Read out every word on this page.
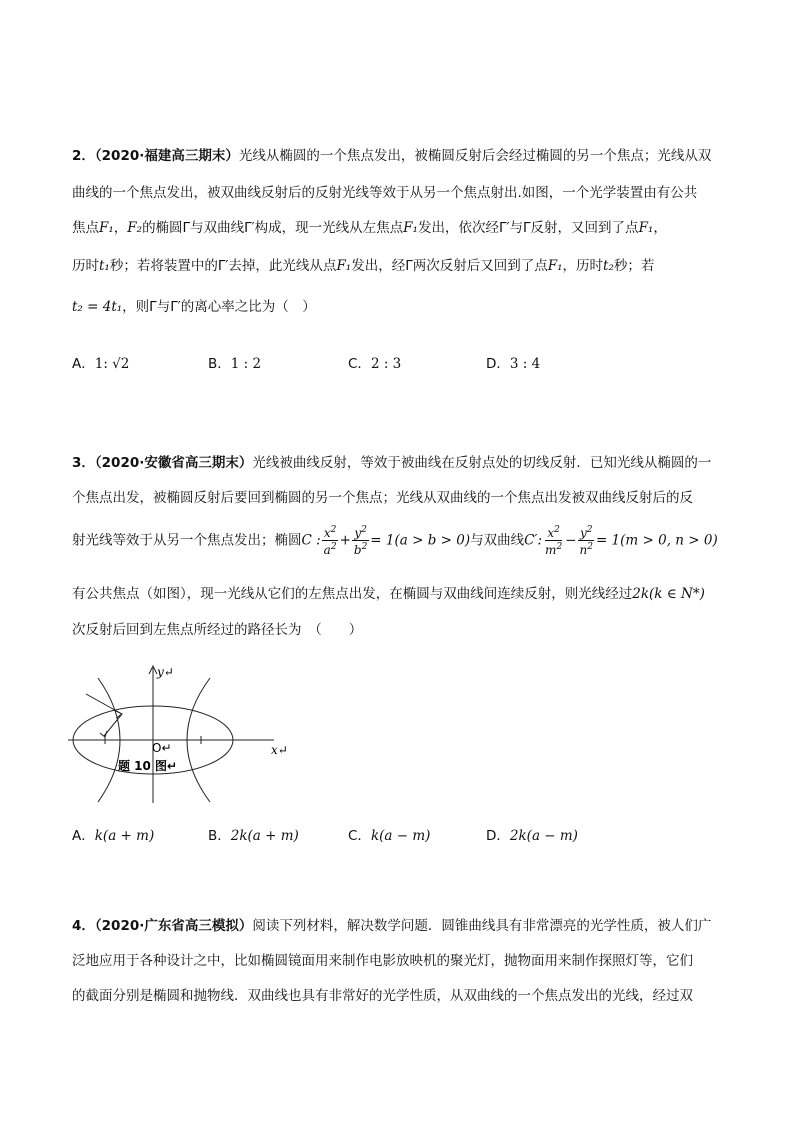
2．（2020·福建高三期末）光线从椭圆的一个焦点发出，被椭圆反射后会经过椭圆的另一个焦点；光线从双
曲线的一个焦点发出，被双曲线反射后的反射光线等效于从另一个焦点射出.如图，一个光学装置由有公共
焦点F₁，F₂的椭圆Γ与双曲线Γ′构成，现一光线从左焦点F₁发出，依次经Γ′与Γ反射，又回到了点F₁，
历时t₁秒；若将装置中的Γ′去掉，此光线从点F₁发出，经Γ两次反射后又回到了点F₁，历时t₂秒；若
t₂ = 4t₁，则Γ与Γ′的离心率之比为（　）
A．1: √2	B．1 : 2	C．2 : 3	D．3 : 4
3．（2020·安徽省高三期末）光线被曲线反射，等效于被曲线在反射点处的切线反射．已知光线从椭圆的一
个焦点出发，被椭圆反射后要回到椭圆的另一个焦点；光线从双曲线的一个焦点出发被双曲线反射后的反
射光线等效于从另一个焦点发出；椭圆C : $\frac{x^2}{a^2} + \frac{y^2}{b^2} = 1(a > b > 0)$与双曲线C′: $\frac{x^2}{m^2} - \frac{y^2}{n^2} = 1(m > 0$, n > 0)
有公共焦点（如图），现一光线从它们的左焦点出发，在椭圆与双曲线间连续反射，则光线经过2k(k ∈ N*)
次反射后回到左焦点所经过的路径长为　（　　）
y↵
x↵
O↵
题 10 图↵
A．k(a + m)	B．2k(a + m)	C．k(a − m)	D．2k(a − m)
4．（2020·广东省高三模拟）阅读下列材料，解决数学问题．圆锥曲线具有非常漂亮的光学性质，被人们广
泛地应用于各种设计之中，比如椭圆镜面用来制作电影放映机的聚光灯，抛物面用来制作探照灯等，它们
的截面分别是椭圆和抛物线．双曲线也具有非常好的光学性质，从双曲线的一个焦点发出的光线，经过双
